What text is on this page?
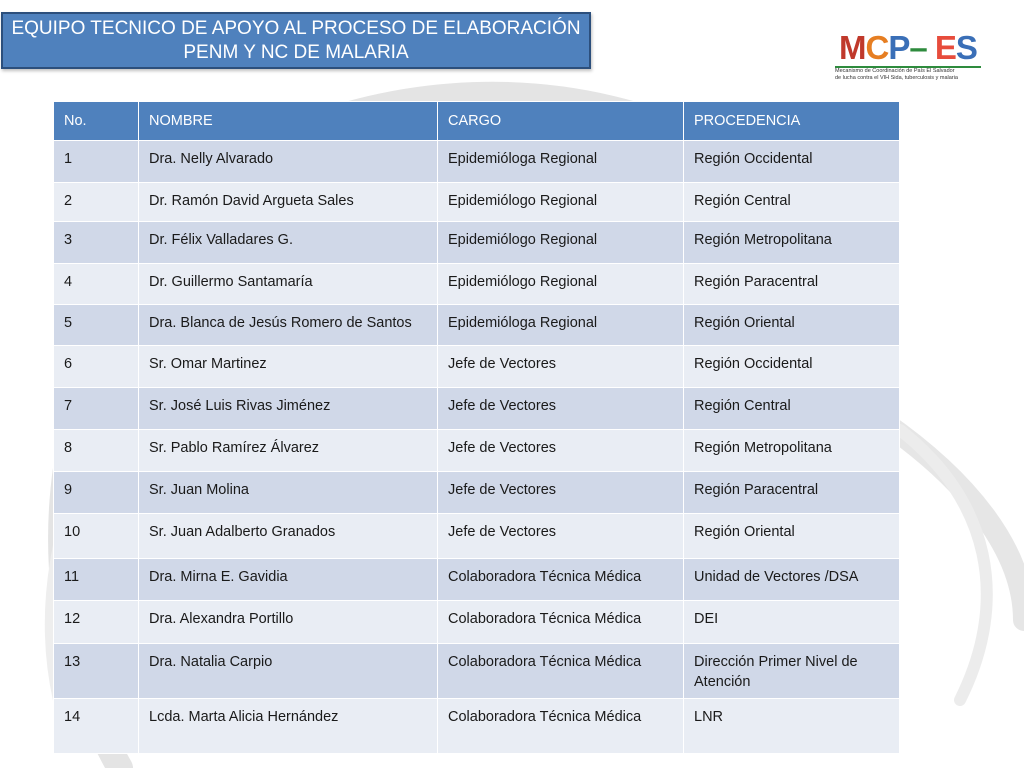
EQUIPO TECNICO DE APOYO AL PROCESO DE ELABORACIÓN
PENM Y NC DE MALARIA	MCP– ES
Mecanismo de Coordinación de País El Salvador
de lucha contra el VIH Sida, tuberculosis y malaria
No.	NOMBRE	CARGO	PROCEDENCIA
1	Dra. Nelly Alvarado	Epidemióloga Regional	Región Occidental
2	Dr. Ramón David Argueta Sales	Epidemiólogo Regional	Región Central
3	Dr. Félix Valladares G.	Epidemiólogo Regional	Región Metropolitana
4	Dr. Guillermo Santamaría	Epidemiólogo Regional	Región Paracentral
5	Dra. Blanca de Jesús Romero de Santos	Epidemióloga Regional	Región Oriental
6	Sr. Omar Martinez	Jefe de Vectores	Región Occidental
7	Sr. José Luis Rivas Jiménez	Jefe de Vectores	Región Central
8	Sr. Pablo Ramírez Álvarez	Jefe de Vectores	Región Metropolitana
9	Sr. Juan Molina	Jefe de Vectores	Región Paracentral
10	Sr. Juan Adalberto Granados	Jefe de Vectores	Región Oriental
11	Dra. Mirna E. Gavidia	Colaboradora Técnica Médica	Unidad de Vectores /DSA
12	Dra. Alexandra Portillo	Colaboradora Técnica Médica	DEI
13	Dra. Natalia Carpio	Colaboradora Técnica Médica	Dirección Primer Nivel de Atención
14	Lcda. Marta Alicia Hernández	Colaboradora Técnica Médica	LNR
